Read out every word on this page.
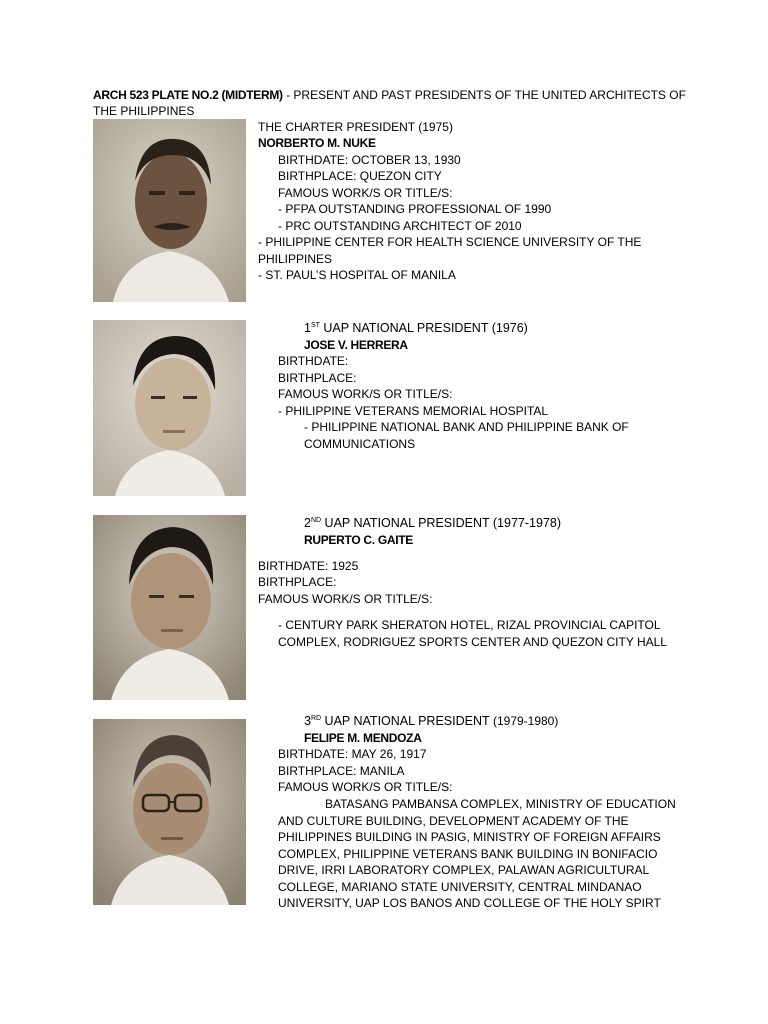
ARCH 523 PLATE NO.2 (MIDTERM) - PRESENT AND PAST PRESIDENTS OF THE UNITED ARCHITECTS OF THE PHILIPPINES
THE CHARTER PRESIDENT (1975)
NORBERTO M. NUKE
BIRTHDATE: OCTOBER 13, 1930
BIRTHPLACE: QUEZON CITY
FAMOUS WORK/S OR TITLE/S:
- PFPA OUTSTANDING PROFESSIONAL OF 1990
- PRC OUTSTANDING ARCHITECT OF 2010
- PHILIPPINE CENTER FOR HEALTH SCIENCE UNIVERSITY OF THE PHILIPPINES
- ST. PAUL’S HOSPITAL OF MANILA
1ST UAP NATIONAL PRESIDENT (1976)
JOSE V. HERRERA
BIRTHDATE:
BIRTHPLACE:
FAMOUS WORK/S OR TITLE/S:
- PHILIPPINE VETERANS MEMORIAL HOSPITAL
- PHILIPPINE NATIONAL BANK AND PHILIPPINE BANK OF COMMUNICATIONS
2ND UAP NATIONAL PRESIDENT (1977-1978)
RUPERTO C. GAITE
BIRTHDATE: 1925
BIRTHPLACE:
FAMOUS WORK/S OR TITLE/S:
- CENTURY PARK SHERATON HOTEL, RIZAL PROVINCIAL CAPITOL COMPLEX, RODRIGUEZ SPORTS CENTER AND QUEZON CITY HALL
3RD UAP NATIONAL PRESIDENT (1979-1980)
FELIPE M. MENDOZA
BIRTHDATE: MAY 26, 1917
BIRTHPLACE: MANILA
FAMOUS WORK/S OR TITLE/S:
BATASANG PAMBANSA COMPLEX, MINISTRY OF EDUCATION AND CULTURE BUILDING, DEVELOPMENT ACADEMY OF THE PHILIPPINES BUILDING IN PASIG, MINISTRY OF FOREIGN AFFAIRS COMPLEX, PHILIPPINE VETERANS BANK BUILDING IN BONIFACIO DRIVE, IRRI LABORATORY COMPLEX, PALAWAN AGRICULTURAL COLLEGE, MARIANO STATE UNIVERSITY, CENTRAL MINDANAO UNIVERSITY, UAP LOS BANOS AND COLLEGE OF THE HOLY SPIRT
